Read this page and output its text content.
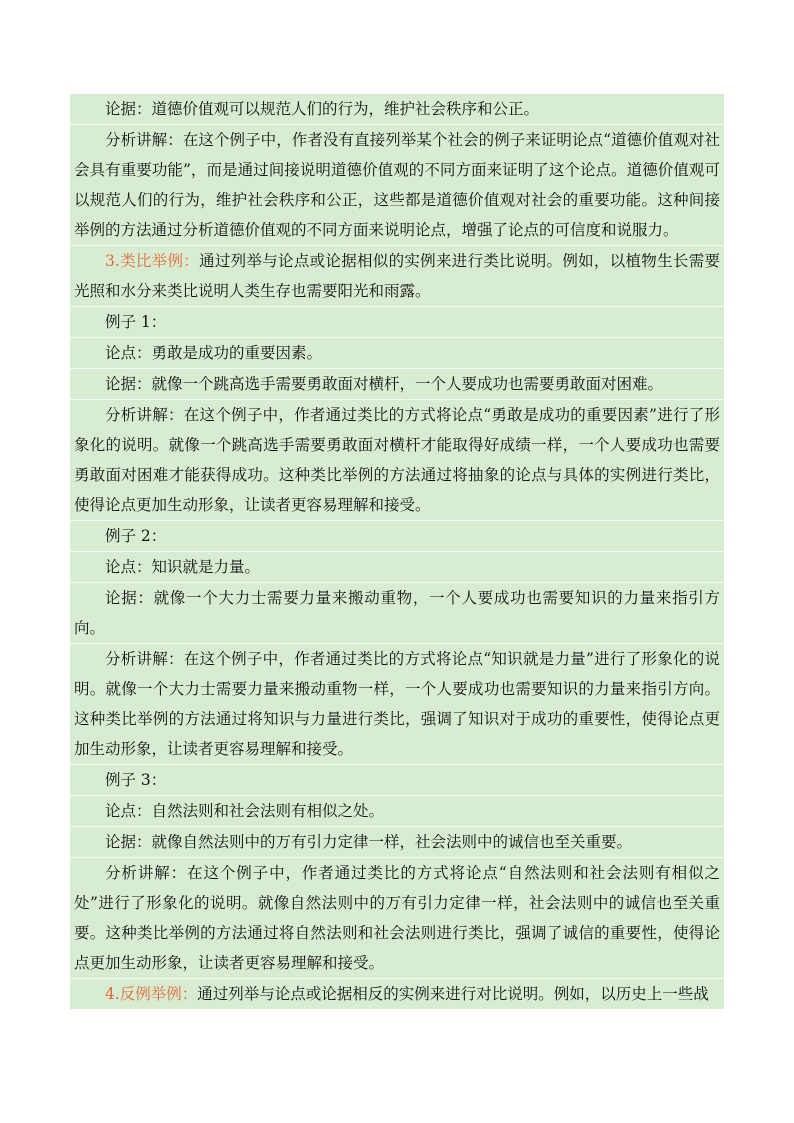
论据：道德价值观可以规范人们的行为，维护社会秩序和公正。

分析讲解：在这个例子中，作者没有直接列举某个社会的例子来证明论点“道德价值观对社会具有重要功能”，而是通过间接说明道德价值观的不同方面来证明了这个论点。道德价值观可以规范人们的行为，维护社会秩序和公正，这些都是道德价值观对社会的重要功能。这种间接举例的方法通过分析道德价值观的不同方面来说明论点，增强了论点的可信度和说服力。

3.类比举例：通过列举与论点或论据相似的实例来进行类比说明。例如，以植物生长需要光照和水分来类比说明人类生存也需要阳光和雨露。

例子 1：

论点：勇敢是成功的重要因素。

论据：就像一个跳高选手需要勇敢面对横杆，一个人要成功也需要勇敢面对困难。

分析讲解：在这个例子中，作者通过类比的方式将论点“勇敢是成功的重要因素”进行了形象化的说明。就像一个跳高选手需要勇敢面对横杆才能取得好成绩一样，一个人要成功也需要勇敢面对困难才能获得成功。这种类比举例的方法通过将抽象的论点与具体的实例进行类比，使得论点更加生动形象，让读者更容易理解和接受。

例子 2：

论点：知识就是力量。

论据：就像一个大力士需要力量来搬动重物，一个人要成功也需要知识的力量来指引方向。

分析讲解：在这个例子中，作者通过类比的方式将论点“知识就是力量”进行了形象化的说明。就像一个大力士需要力量来搬动重物一样，一个人要成功也需要知识的力量来指引方向。这种类比举例的方法通过将知识与力量进行类比，强调了知识对于成功的重要性，使得论点更加生动形象，让读者更容易理解和接受。

例子 3：

论点：自然法则和社会法则有相似之处。

论据：就像自然法则中的万有引力定律一样，社会法则中的诚信也至关重要。

分析讲解：在这个例子中，作者通过类比的方式将论点“自然法则和社会法则有相似之处”进行了形象化的说明。就像自然法则中的万有引力定律一样，社会法则中的诚信也至关重要。这种类比举例的方法通过将自然法则和社会法则进行类比，强调了诚信的重要性，使得论点更加生动形象，让读者更容易理解和接受。

4.反例举例：通过列举与论点或论据相反的实例来进行对比说明。例如，以历史上一些战
